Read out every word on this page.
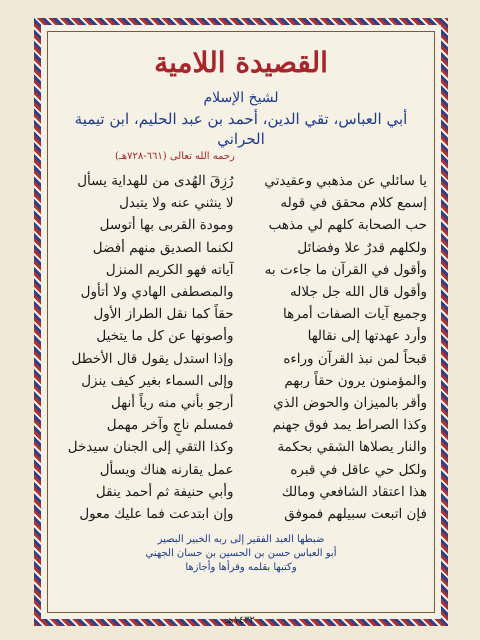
القصيدة اللامية
لشيخ الإسلام
أبي العباس، تقي الدين، أحمد بن عبد الحليم، ابن تيمية الحراني
رحمه الله تعالى (٦٦١-٧٢٨هـ)
يا سائلي عن مذهبي وعقيدتي
رُزِقَ الهُدى من للهداية يسأل
إسمع كلام محقق في قوله
لا ينثني عنه ولا يتبدل
حب الصحابة كلهم لي مذهب
ومودة القربى بها أتوسل
ولكلهم قدرٌ علا وفضائل
لكنما الصديق منهم أفضل
وأقول في القرآن ما جاءت به
آياته فهو الكريم المنزل
وأقول قال الله جل جلاله
والمصطفى الهادي ولا أتأول
وجميع آيات الصفات أمرها
حقاً كما نقل الطراز الأول
وأرد عهدتها إلى نقالها
وأصونها عن كل ما يتخيل
قبحاً لمن نبذ القرآن وراءه
وإذا استدل يقول قال الأخطل
والمؤمنون يرون حقاً ربهم
وإلى السماء بغير كيف ينزل
وأقر بالميزان والحوض الذي
أرجو بأني منه رياً أنهل
وكذا الصراط يمد فوق جهنم
فمسلم ناجٍ وآخر مهمل
والنار يصلاها الشقي بحكمة
وكذا التقي إلى الجنان سيدخل
ولكل حي عاقل في قبره
عمل يقارنه هناك ويسأل
هذا اعتقاد الشافعي ومالك
وأبي حنيفة ثم أحمد ينقل
فإن اتبعت سبيلهم فموفق
وإن ابتدعت فما عليك معول
ضبطها العبد الفقير إلى ربه الخبير البصير
أبو العباس حسن بن الحسين بن حسان الجهني
وكتبها بقلمه وقرأها وأجازها
١٤٣٢هـ
